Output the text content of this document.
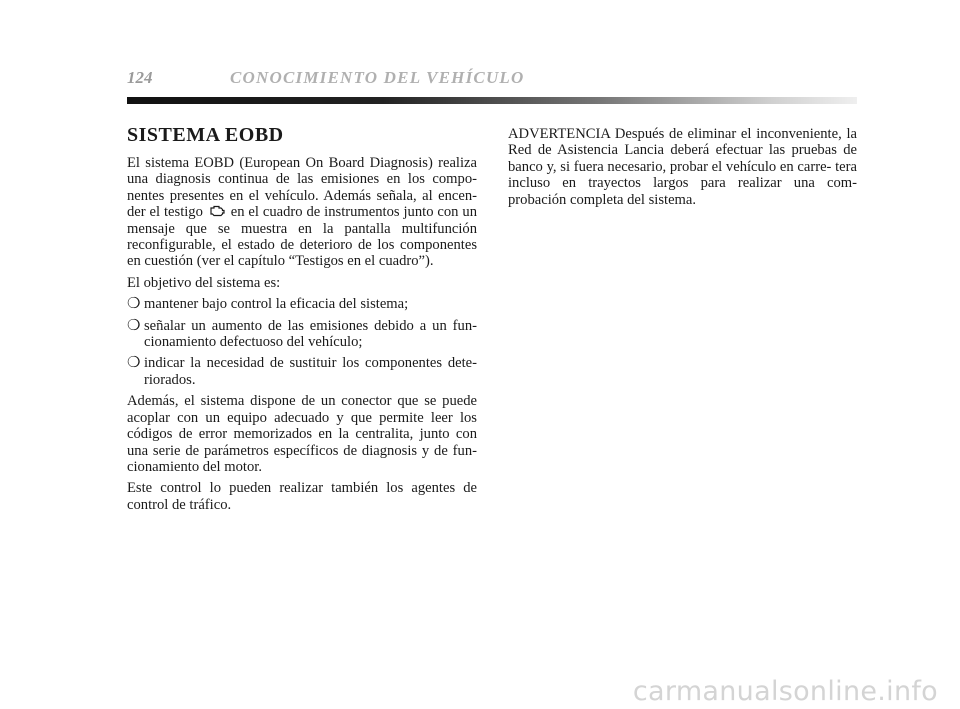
124	CONOCIMIENTO DEL VEHÍCULO
SISTEMA EOBD

El sistema EOBD (European On Board Diagnosis) realiza una diagnosis continua de las emisiones en los compo- nentes presentes en el vehículo. Además señala, al encen- der el testigo en el cuadro de instrumentos junto con un mensaje que se muestra en la pantalla multifunción reconfigurable, el estado de deterioro de los componentes en cuestión (ver el capítulo “Testigos en el cuadro”).

El objetivo del sistema es:

❍ mantener bajo control la eficacia del sistema;
❍ señalar un aumento de las emisiones debido a un fun- cionamiento defectuoso del vehículo;
❍ indicar la necesidad de sustituir los componentes dete- riorados.

Además, el sistema dispone de un conector que se puede acoplar con un equipo adecuado y que permite leer los códigos de error memorizados en la centralita, junto con una serie de parámetros específicos de diagnosis y de fun- cionamiento del motor.

Este control lo pueden realizar también los agentes de control de tráfico.

ADVERTENCIA Después de eliminar el inconveniente, la Red de Asistencia Lancia deberá efectuar las pruebas de banco y, si fuera necesario, probar el vehículo en carre- tera incluso en trayectos largos para realizar una com- probación completa del sistema.

carmanualsonline.info
